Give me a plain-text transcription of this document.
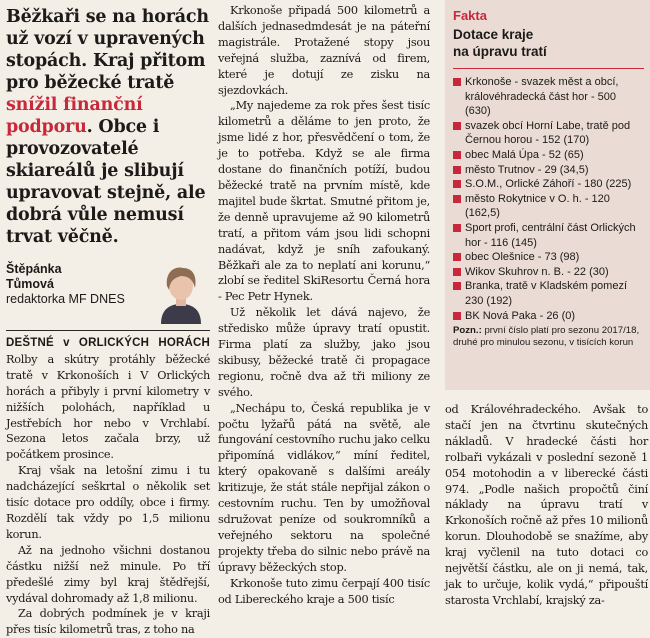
Běžkaři se na horách už vozí v upravených stopách. Kraj přitom pro běžecké tratě snížil finanční podporu. Obce i provozovatelé skiareálů je slibují upravovat stejně, ale dobrá vůle nemusí trvat věčně.

Štěpánka
Tůmová
redaktorka MF DNES

DEŠTNÉ v ORLICKÝCH HORÁCH Rolby a skútry protáhly běžecké tratě v Krkonoších i V Orlických horách a přibyly i první kilometry v nižších polohách, například u Jestřebích hor nebo v Vrchlabí. Sezona letos začala brzy, už počátkem prosince.

Kraj však na letošní zimu i tu nadcházející seškrtal o několik set tisíc dotace pro oddíly, obce i firmy. Rozdělí tak vždy po 1,5 milionu korun.

Až na jednoho všichni dostanou částku nižší než minule. Po tří předešlé zimy byl kraj štědřejší, vydával dohromady až 1,8 milionu.

Za dobrých podmínek je v kraji přes tisíc kilometrů tras, z toho na

Krkonoše připadá 500 kilometrů a dalších jednasedmdesát je na páteřní magistrále. Protažené stopy jsou veřejná služba, zaznívá od firem, které je dotují ze zisku na sjezdovkách.

„My najedeme za rok přes šest tisíc kilometrů a děláme to jen proto, že jsme lidé z hor, přesvědčení o tom, že je to potřeba. Když se ale firma dostane do finančních potíží, budou běžecké tratě na prvním místě, kde majitel bude škrtat. Smutné přitom je, že denně upravujeme až 90 kilometrů tratí, a přitom vám jsou lidi schopni nadávat, když je sníh zafoukaný. Běžkaři ale za to neplatí ani korunu,“ zlobí se ředitel SkiResortu Černá hora - Pec Petr Hynek.

Už několik let dává najevo, že středisko může úpravy tratí opustit. Firma platí za služby, jako jsou skibusy, běžecké tratě či propagace regionu, ročně dva až tři miliony ze svého.

„Nechápu to, Česká republika je v počtu lyžařů pátá na světě, ale fungování cestovního ruchu jako celku připomíná vidlákov,“ míní ředitel, který opakovaně s dalšími areály kritizuje, že stát stále nepřijal zákon o cestovním ruchu. Ten by umožňoval sdružovat peníze od soukromníků a veřejného sektoru na společné projekty třeba do silnic nebo právě na úpravy běžeckých stop.

Krkonoše tuto zimu čerpají 400 tisíc od Libereckého kraje a 500 tisíc

Fakta
Dotace kraje
na úpravu tratí
Krkonoše - svazek měst a obcí, královéhradecká část hor - 500 (630)
svazek obcí Horní Labe, tratě pod Černou horou - 152 (170)
obec Malá Úpa - 52 (65)
město Trutnov - 29 (34,5)
S.O.M., Orlické Záhoří - 180 (225)
město Rokytnice v O. h. - 120 (162,5)
Sport profi, centrální část Orlických hor - 116 (145)
obec Olešnice - 73 (98)
Wikov Skuhrov n. B. - 22 (30)
Branka, tratě v Kladském pomezí 230 (192)
BK Nová Paka - 26 (0)
Pozn.: první číslo platí pro sezonu 2017/18, druhé pro minulou sezonu, v tisících korun

od Královéhradeckého. Avšak to stačí jen na čtvrtinu skutečných nákladů. V hradecké části hor rolbaři vykázali v poslední sezoně 1 054 motohodin a v liberecké části 974. „Podle našich propočtů činí náklady na úpravu tratí v Krkonoších ročně až přes 10 milionů korun. Dlouhodobě se snažíme, aby kraj vyčlenil na tuto dotaci co největší částku, ale on ji nemá, tak, jak to určuje, kolik vydá,“ připouští starosta Vrchlabí, krajský za-
